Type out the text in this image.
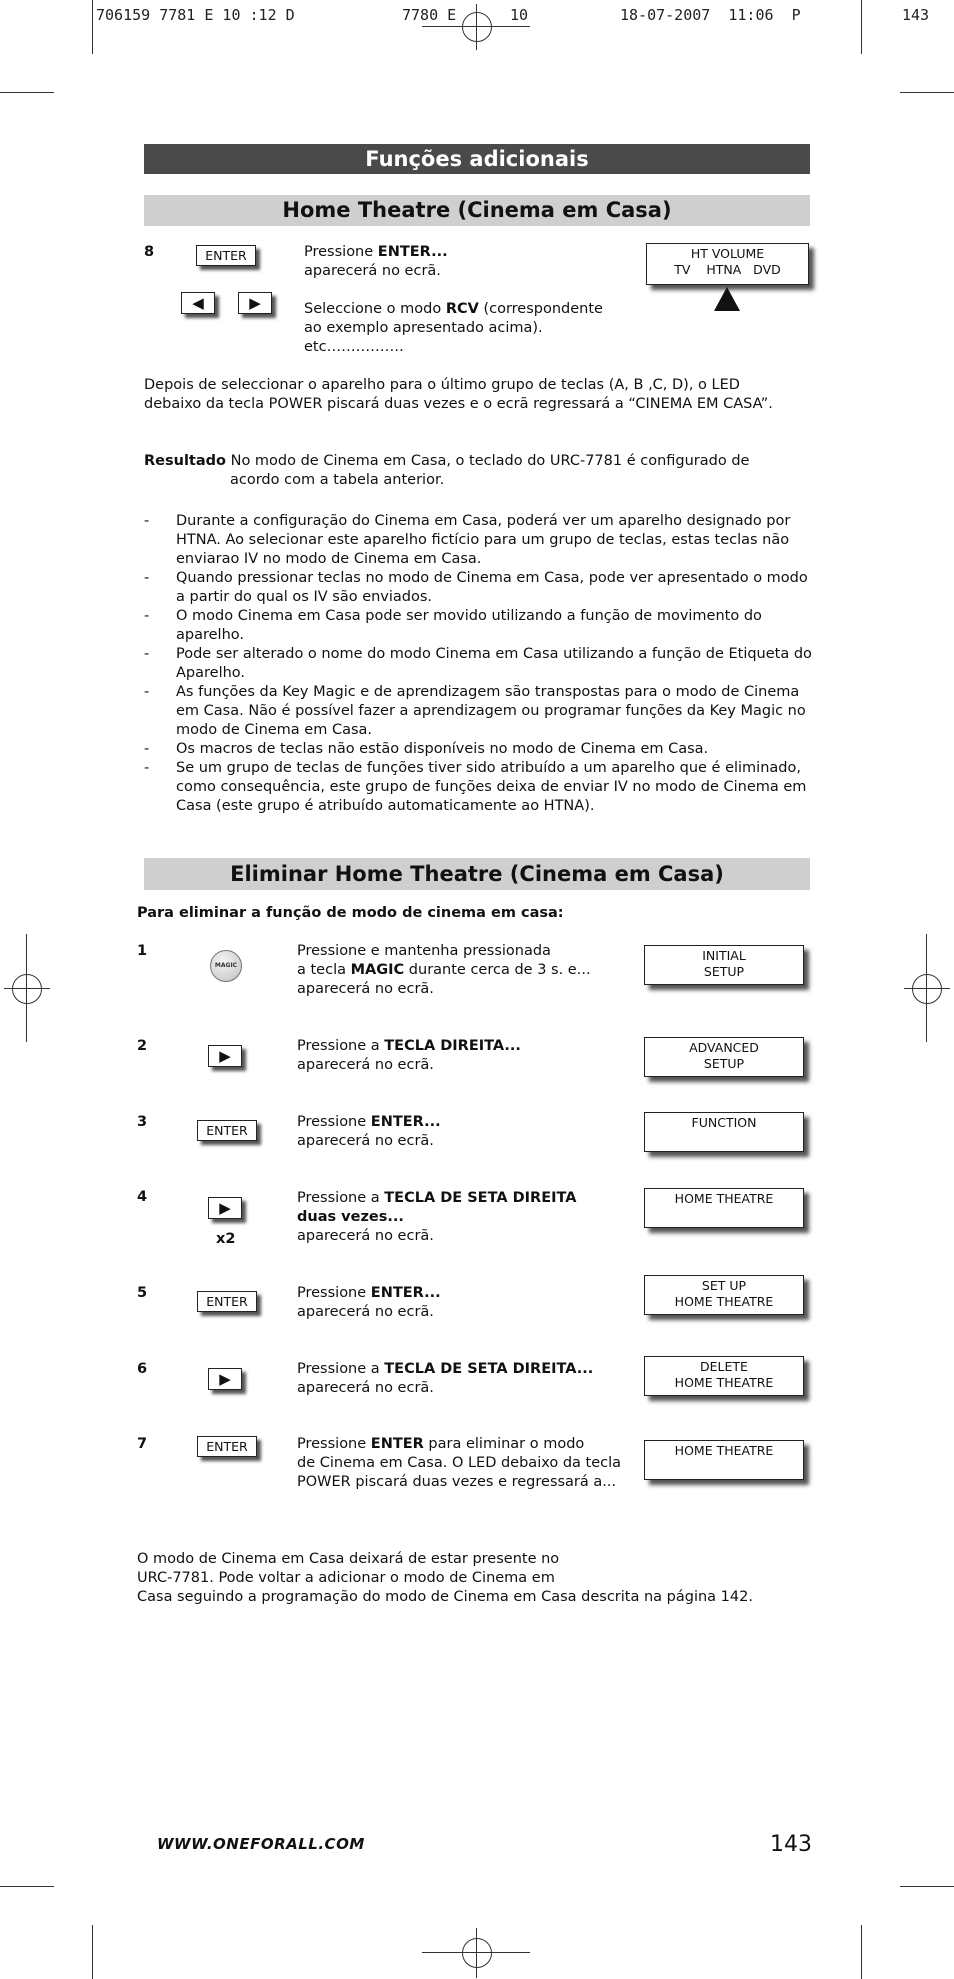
706159 7781 E 10 :12 D

	7780 E

	10

	18-07-2007  11:06  P

	143

Funções adicionais
Home Theatre (Cinema em Casa)
8	ENTER
◀	▶
Pressione ENTER...
aparecerá no ecrã.
Seleccione o modo RCV (correspondente
ao exemplo apresentado acima).
etc…………….
HT VOLUME
TV    HTNA   DVD
Depois de seleccionar o aparelho para o último grupo de teclas (A, B ,C, D), o LED
debaixo da tecla POWER piscará duas vezes e o ecrã regressará a “CINEMA EM CASA”.
Resultado No modo de Cinema em Casa, o teclado do URC-7781 é configurado de
acordo com a tabela anterior.
- Durante a configuração do Cinema em Casa, poderá ver um aparelho designado por HTNA. Ao selecionar este aparelho fictício para um grupo de teclas, estas teclas não enviarao IV no modo de Cinema em Casa.
- Quando pressionar teclas no modo de Cinema em Casa, pode ver apresentado o modo a partir do qual os IV são enviados.
- O modo Cinema em Casa pode ser movido utilizando a função de movimento do aparelho.
- Pode ser alterado o nome do modo Cinema em Casa utilizando a função de Etiqueta do Aparelho.
- As funções da Key Magic e de aprendizagem são transpostas para o modo de Cinema em Casa. Não é possível fazer a aprendizagem ou programar funções da Key Magic no modo de Cinema em Casa.
- Os macros de teclas não estão disponíveis no modo de Cinema em Casa.
- Se um grupo de teclas de funções tiver sido atribuído a um aparelho que é eliminado, como consequência, este grupo de funções deixa de enviar IV no modo de Cinema em Casa (este grupo é atribuído automaticamente ao HTNA).
Eliminar Home Theatre (Cinema em Casa)
Para eliminar a função de modo de cinema em casa:
1
MAGIC
Pressione e mantenha pressionada
a tecla MAGIC durante cerca de 3 s. e...
aparecerá no ecrã.
INITIAL
SETUP
2
▶
Pressione a TECLA DIREITA...
aparecerá no ecrã.
ADVANCED
SETUP
3
ENTER
Pressione ENTER...
aparecerá no ecrã.
FUNCTION
4
▶
x2
Pressione a TECLA DE SETA DIREITA
duas vezes...
aparecerá no ecrã.
HOME THEATRE
5
ENTER
Pressione ENTER...
aparecerá no ecrã.
SET UP
HOME THEATRE
6
▶
Pressione a TECLA DE SETA DIREITA...
aparecerá no ecrã.
DELETE
HOME THEATRE
7	ENTER	Pressione ENTER para eliminar o modo
de Cinema em Casa. O LED debaixo da tecla
POWER piscará duas vezes e regressará a...
HOME THEATRE
O modo de Cinema em Casa deixará de estar presente no
URC-7781. Pode voltar a adicionar o modo de Cinema em
Casa seguindo a programação do modo de Cinema em Casa descrita na página 142.
WWW.ONEFORALL.COM	143
